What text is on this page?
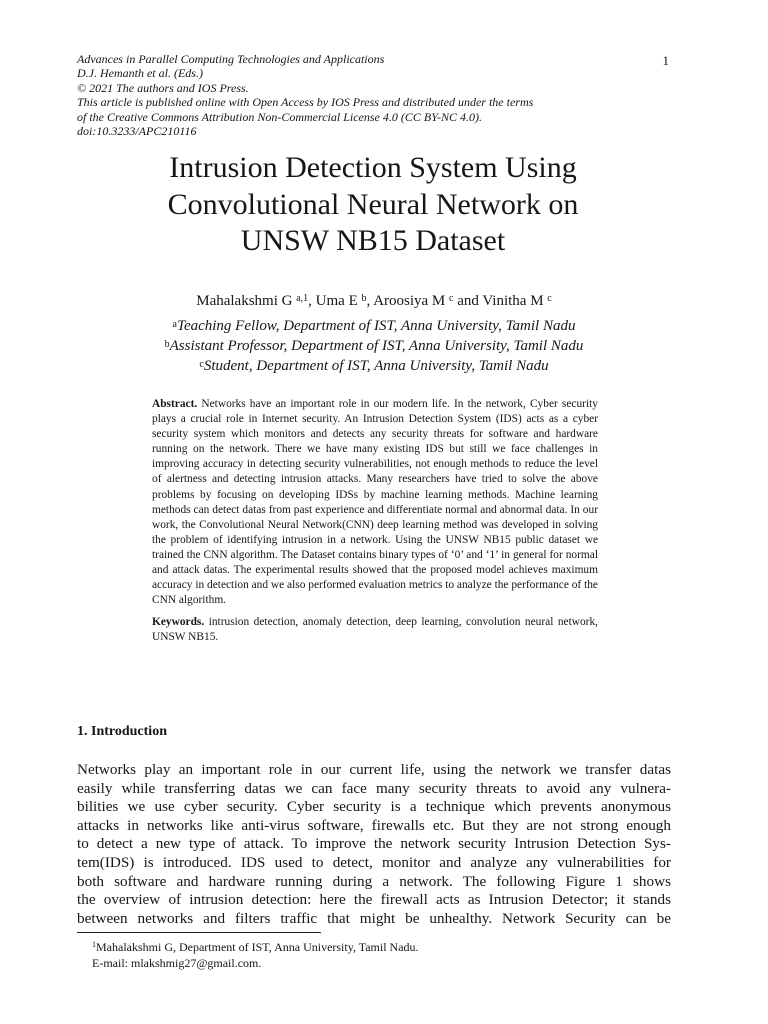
Advances in Parallel Computing Technologies and Applications
D.J. Hemanth et al. (Eds.)
© 2021 The authors and IOS Press.
This article is published online with Open Access by IOS Press and distributed under the terms
of the Creative Commons Attribution Non-Commercial License 4.0 (CC BY-NC 4.0).
doi:10.3233/APC210116
1
Intrusion Detection System Using
Convolutional Neural Network on
UNSW NB15 Dataset
Mahalakshmi G $^{a,1}$, Uma E $^b$, Aroosiya M $^c$ and Vinitha M $^c$
$^a$Teaching Fellow, Department of IST, Anna University, Tamil Nadu
$^b$Assistant Professor, Department of IST, Anna University, Tamil Nadu
$^c$Student, Department of IST, Anna University, Tamil Nadu

Abstract. Networks have an important role in our modern life. In the network, Cyber security plays a crucial role in Internet security. An Intrusion Detection System (IDS) acts as a cyber security system which monitors and detects any security threats for software and hardware running on the network. There we have many existing IDS but still we face challenges in improving accuracy in detecting security vulnerabilities, not enough methods to reduce the level of alertness and detecting intrusion attacks. Many researchers have tried to solve the above problems by focusing on developing IDSs by machine learning methods. Machine learning methods can detect datas from past experience and differentiate normal and abnormal data. In our work, the Convolutional Neural Network(CNN) deep learning method was developed in solving the problem of identifying intrusion in a network. Using the UNSW NB15 public dataset we trained the CNN algorithm. The Dataset contains binary types of ‘0’ and ‘1’ in general for normal and attack datas. The experimental results showed that the proposed model achieves maximum accuracy in detection and we also performed evaluation metrics to analyze the performance of the CNN algorithm.

Keywords. intrusion detection, anomaly detection, deep learning, convolution neural network, UNSW NB15.

1. Introduction
Networks play an important role in our current life, using the network we transfer datas
easily while transferring datas we can face many security threats to avoid any vulnera-
bilities we use cyber security. Cyber security is a technique which prevents anonymous
attacks in networks like anti-virus software, firewalls etc. But they are not strong enough
to detect a new type of attack. To improve the network security Intrusion Detection Sys-
tem(IDS) is introduced. IDS used to detect, monitor and analyze any vulnerabilities for
both software and hardware running during a network. The following Figure 1 shows
the overview of intrusion detection: here the firewall acts as Intrusion Detector; it stands
between networks and filters traffic that might be unhealthy. Network Security can be
$^1$Mahalakshmi G, Department of IST, Anna University, Tamil Nadu.
E-mail: mlakshmig27@gmail.com.
